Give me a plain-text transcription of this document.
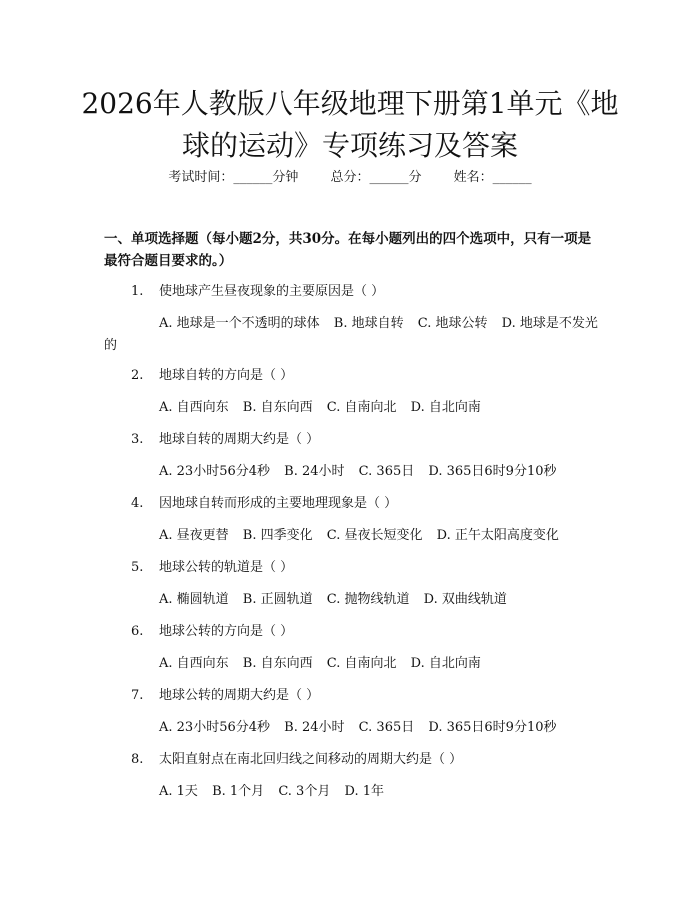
2026年人教版八年级地理下册第1单元《地球的运动》专项练习及答案
考试时间：______分钟 总分：______分 姓名：______

一、单项选择题（每小题2分，共30分。在每小题列出的四个选项中，只有一项是最符合题目要求的。）

1. 使地球产生昼夜现象的主要原因是（ ）
A. 地球是一个不透明的球体 B. 地球自转 C. 地球公转 D. 地球是不发光的
2. 地球自转的方向是（ ）
A. 自西向东 B. 自东向西 C. 自南向北 D. 自北向南
3. 地球自转的周期大约是（ ）
A. 23小时56分4秒 B. 24小时 C. 365日 D. 365日6时9分10秒
4. 因地球自转而形成的主要地理现象是（ ）
A. 昼夜更替 B. 四季变化 C. 昼夜长短变化 D. 正午太阳高度变化
5. 地球公转的轨道是（ ）
A. 椭圆轨道 B. 正圆轨道 C. 抛物线轨道 D. 双曲线轨道
6. 地球公转的方向是（ ）
A. 自西向东 B. 自东向西 C. 自南向北 D. 自北向南
7. 地球公转的周期大约是（ ）
A. 23小时56分4秒 B. 24小时 C. 365日 D. 365日6时9分10秒
8. 太阳直射点在南北回归线之间移动的周期大约是（ ）
A. 1天 B. 1个月 C. 3个月 D. 1年
